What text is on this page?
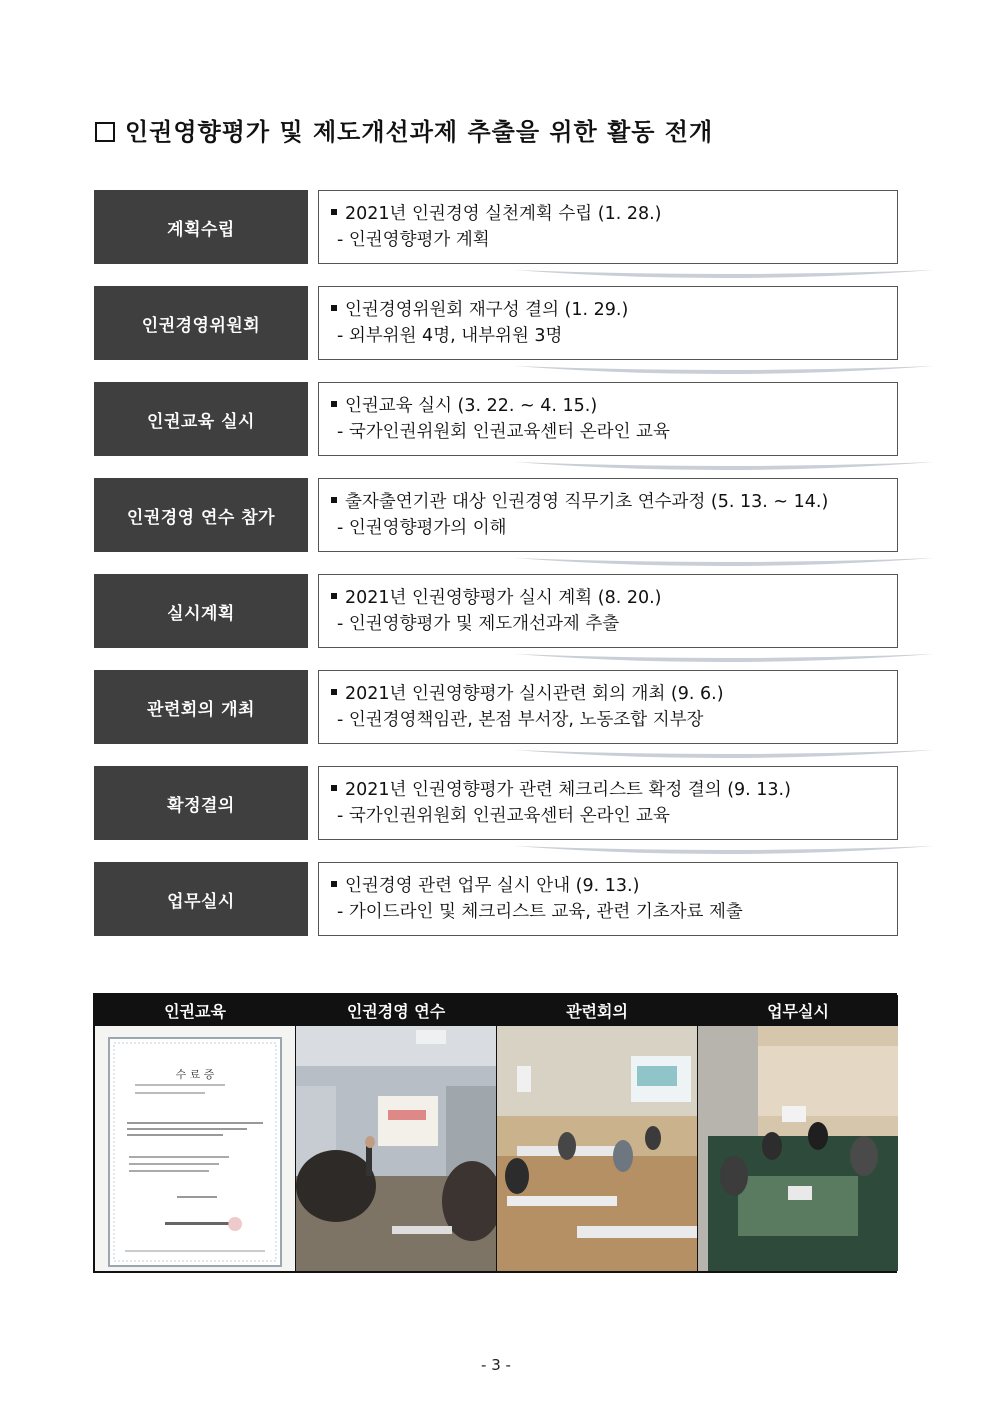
인권영향평가 및 제도개선과제 추출을 위한 활동 전개
계획수립
2021년 인권경영 실천계획 수립 (1. 28.)
- 인권영향평가 계획
인권경영위원회
인권경영위원회 재구성 결의 (1. 29.)
- 외부위원 4명, 내부위원 3명
인권교육 실시
인권교육 실시 (3. 22. ~ 4. 15.)
- 국가인권위원회 인권교육센터 온라인 교육
인권경영 연수 참가
출자출연기관 대상 인권경영 직무기초 연수과정 (5. 13. ~ 14.)
- 인권영향평가의 이해
실시계획
2021년 인권영향평가 실시 계획 (8. 20.)
- 인권영향평가 및 제도개선과제 추출
관련회의 개최
2021년 인권영향평가 실시관련 회의 개최 (9. 6.)
- 인권경영책임관, 본점 부서장, 노동조합 지부장
확정결의
2021년 인권영향평가 관련 체크리스트 확정 결의 (9. 13.)
- 국가인권위원회 인권교육센터 온라인 교육
업무실시
인권경영 관련 업무 실시 안내 (9. 13.)
- 가이드라인 및 체크리스트 교육, 관련 기초자료 제출
인권교육
수 료 증
인권경영 연수	관련회의	업무실시
- 3 -
